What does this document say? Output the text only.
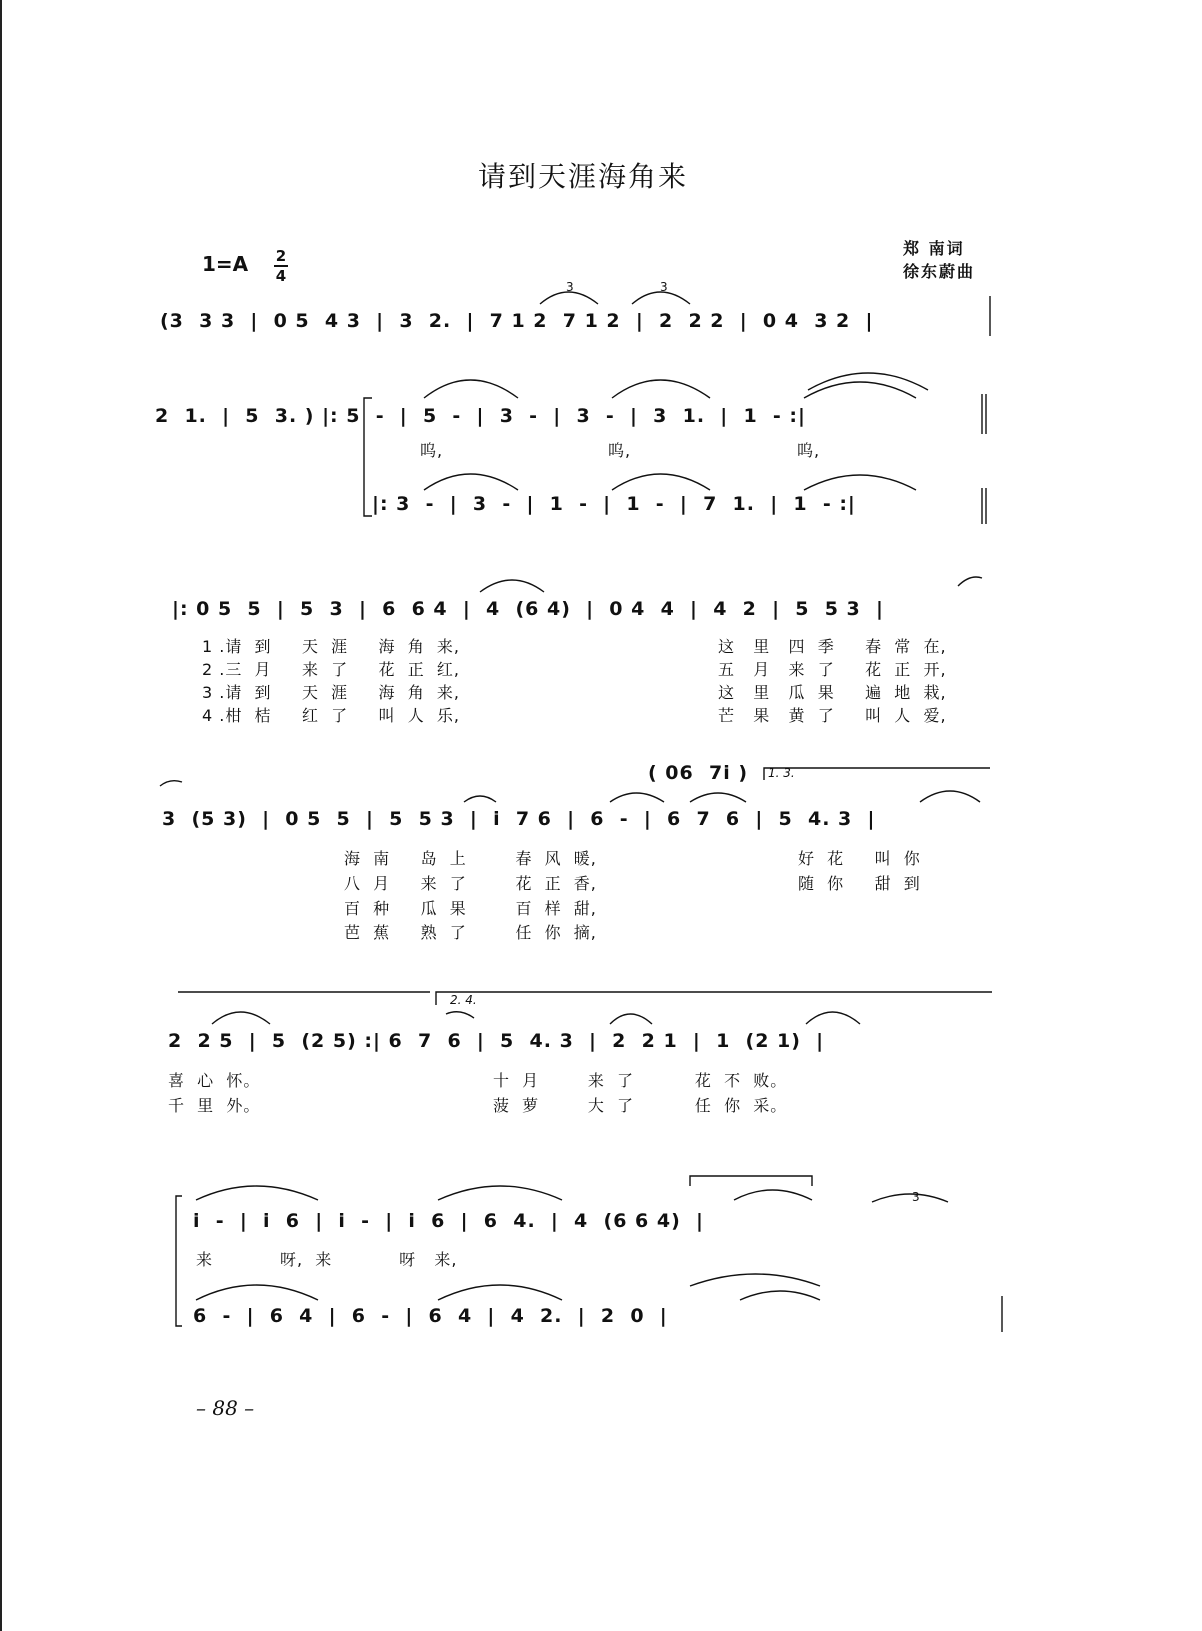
请到天涯海角来
1=A 2
4
郑 南词
徐东蔚曲
(3  3 3  |  0 5  4 3  |  3  2.  |  7 1 2  7 1 2  |  2  2 2  |  0 4  3 2  |
3	3
2  1.  |  5  3. ) |: 5  -  |  5  -  |  3  -  |  3  -  |  3  1.  |  1  - :|
呜,	呜,	呜,
|: 3  -  |  3  -  |  1  -  |  1  -  |  7  1.  |  1  - :|
|: 0 5  5  |  5  3  |  6  6 4  |  4  (6 4)  |  0 4  4  |  4  2  |  5  5 3  |
1 .请  到     天  涯     海  角  来,	这   里   四  季     春  常  在,
2 .三  月     来  了     花  正  红,	五   月   来  了     花  正  开,
3 .请  到     天  涯     海  角  来,	这   里   瓜  果     遍  地  栽,
4 .柑  桔     红  了     叫  人  乐,	芒   果   黄  了     叫  人  爱,
( 06  7i ) 1. 3.
3  (5 3)  |  0 5  5  |  5  5 3  |  i  7 6  |  6  -  |  6  7  6  |  5  4. 3  |
海  南     岛  上        春  风  暖,	好  花     叫  你
八  月     来  了        花  正  香,	随  你     甜  到
百  种     瓜  果        百  样  甜,
芭  蕉     熟  了        任  你  摘,
2. 4.
2  2 5  |  5  (2 5) :| 6  7  6  |  5  4. 3  |  2  2 1  |  1  (2 1)  |
喜  心  怀。	十  月        来  了          花  不  败。
千  里  外。	菠  萝        大  了          任  你  采。
i  -  |  i  6  |  i  -  |  i  6  |  6  4.  |  4  (6 6 4)  |
3
来           呀,  来           呀   来,
6  -  |  6  4  |  6  -  |  6  4  |  4  2.  |  2  0  |
– 88 –
